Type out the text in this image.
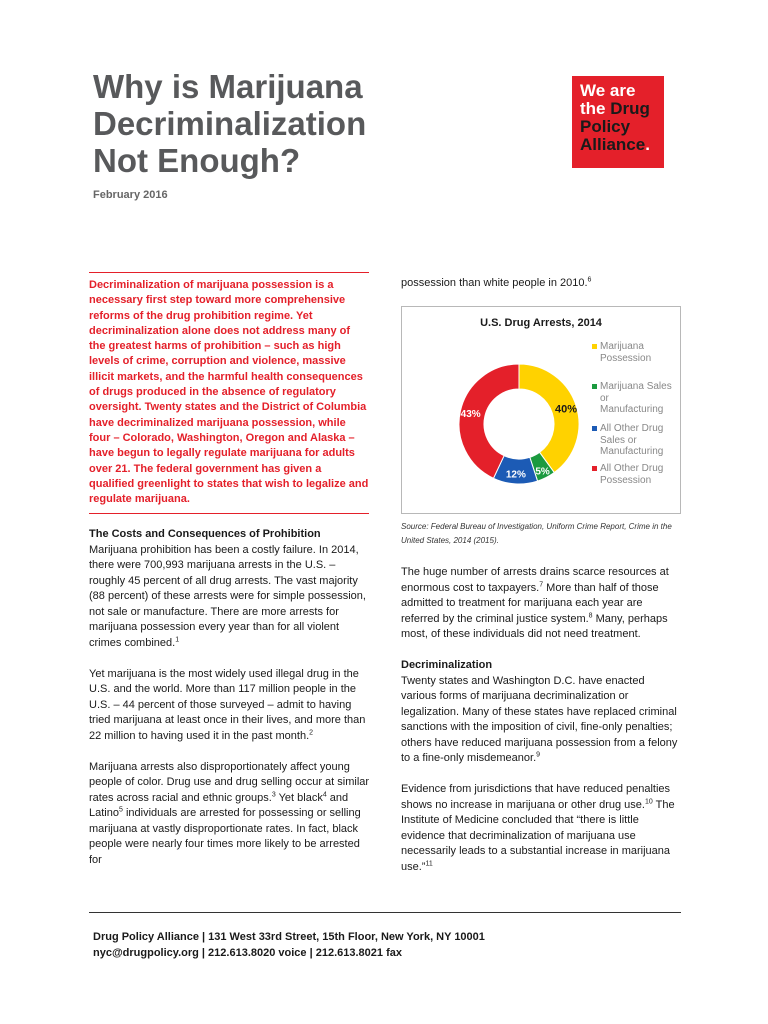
Why is Marijuana
Decriminalization
Not Enough?
February 2016
We are
the Drug
Policy
Alliance.
Decriminalization of marijuana possession is a necessary first step toward more comprehensive reforms of the drug prohibition regime. Yet decriminalization alone does not address many of the greatest harms of prohibition – such as high levels of crime, corruption and violence, massive illicit markets, and the harmful health consequences of drugs produced in the absence of regulatory oversight. Twenty states and the District of Columbia have decriminalized marijuana possession, while four – Colorado, Washington, Oregon and Alaska – have begun to legally regulate marijuana for adults over 21. The federal government has given a qualified greenlight to states that wish to legalize and regulate marijuana.
The Costs and Consequences of Prohibition

Marijuana prohibition has been a costly failure. In 2014, there were 700,993 marijuana arrests in the U.S. – roughly 45 percent of all drug arrests. The vast majority (88 percent) of these arrests were for simple possession, not sale or manufacture. There are more arrests for marijuana possession every year than for all violent crimes combined.$^1$

Yet marijuana is the most widely used illegal drug in the U.S. and the world. More than 117 million people in the U.S. – 44 percent of those surveyed – admit to having tried marijuana at least once in their lives, and more than 22 million to having used it in the past month.$^2$

Marijuana arrests also disproportionately affect young people of color. Drug use and drug selling occur at similar rates across racial and ethnic groups.$^3$ Yet black$^4$ and Latino$^5$ individuals are arrested for possessing or selling marijuana at vastly disproportionate rates. In fact, black people were nearly four times more likely to be arrested for

possession than white people in 2010.$^6$
U.S. Drug Arrests, 2014
40%
5%
12%
43%
Marijuana Possession
Marijuana Sales or Manufacturing
All Other Drug Sales or Manufacturing
All Other Drug Possession
Source: Federal Bureau of Investigation, Uniform Crime Report, Crime in the United States, 2014 (2015).

The huge number of arrests drains scarce resources at enormous cost to taxpayers.$^7$ More than half of those admitted to treatment for marijuana each year are referred by the criminal justice system.$^8$ Many, perhaps most, of these individuals did not need treatment.

Decriminalization

Twenty states and Washington D.C. have enacted various forms of marijuana decriminalization or legalization. Many of these states have replaced criminal sanctions with the imposition of civil, fine-only penalties; others have reduced marijuana possession from a felony to a fine-only misdemeanor.$^9$

Evidence from jurisdictions that have reduced penalties shows no increase in marijuana or other drug use.$^{10}$ The Institute of Medicine concluded that “there is little evidence that decriminalization of marijuana use necessarily leads to a substantial increase in marijuana use.”$^{11}$

Drug Policy Alliance | 131 West 33rd Street, 15th Floor, New York, NY 10001
nyc@drugpolicy.org | 212.613.8020 voice | 212.613.8021 fax
